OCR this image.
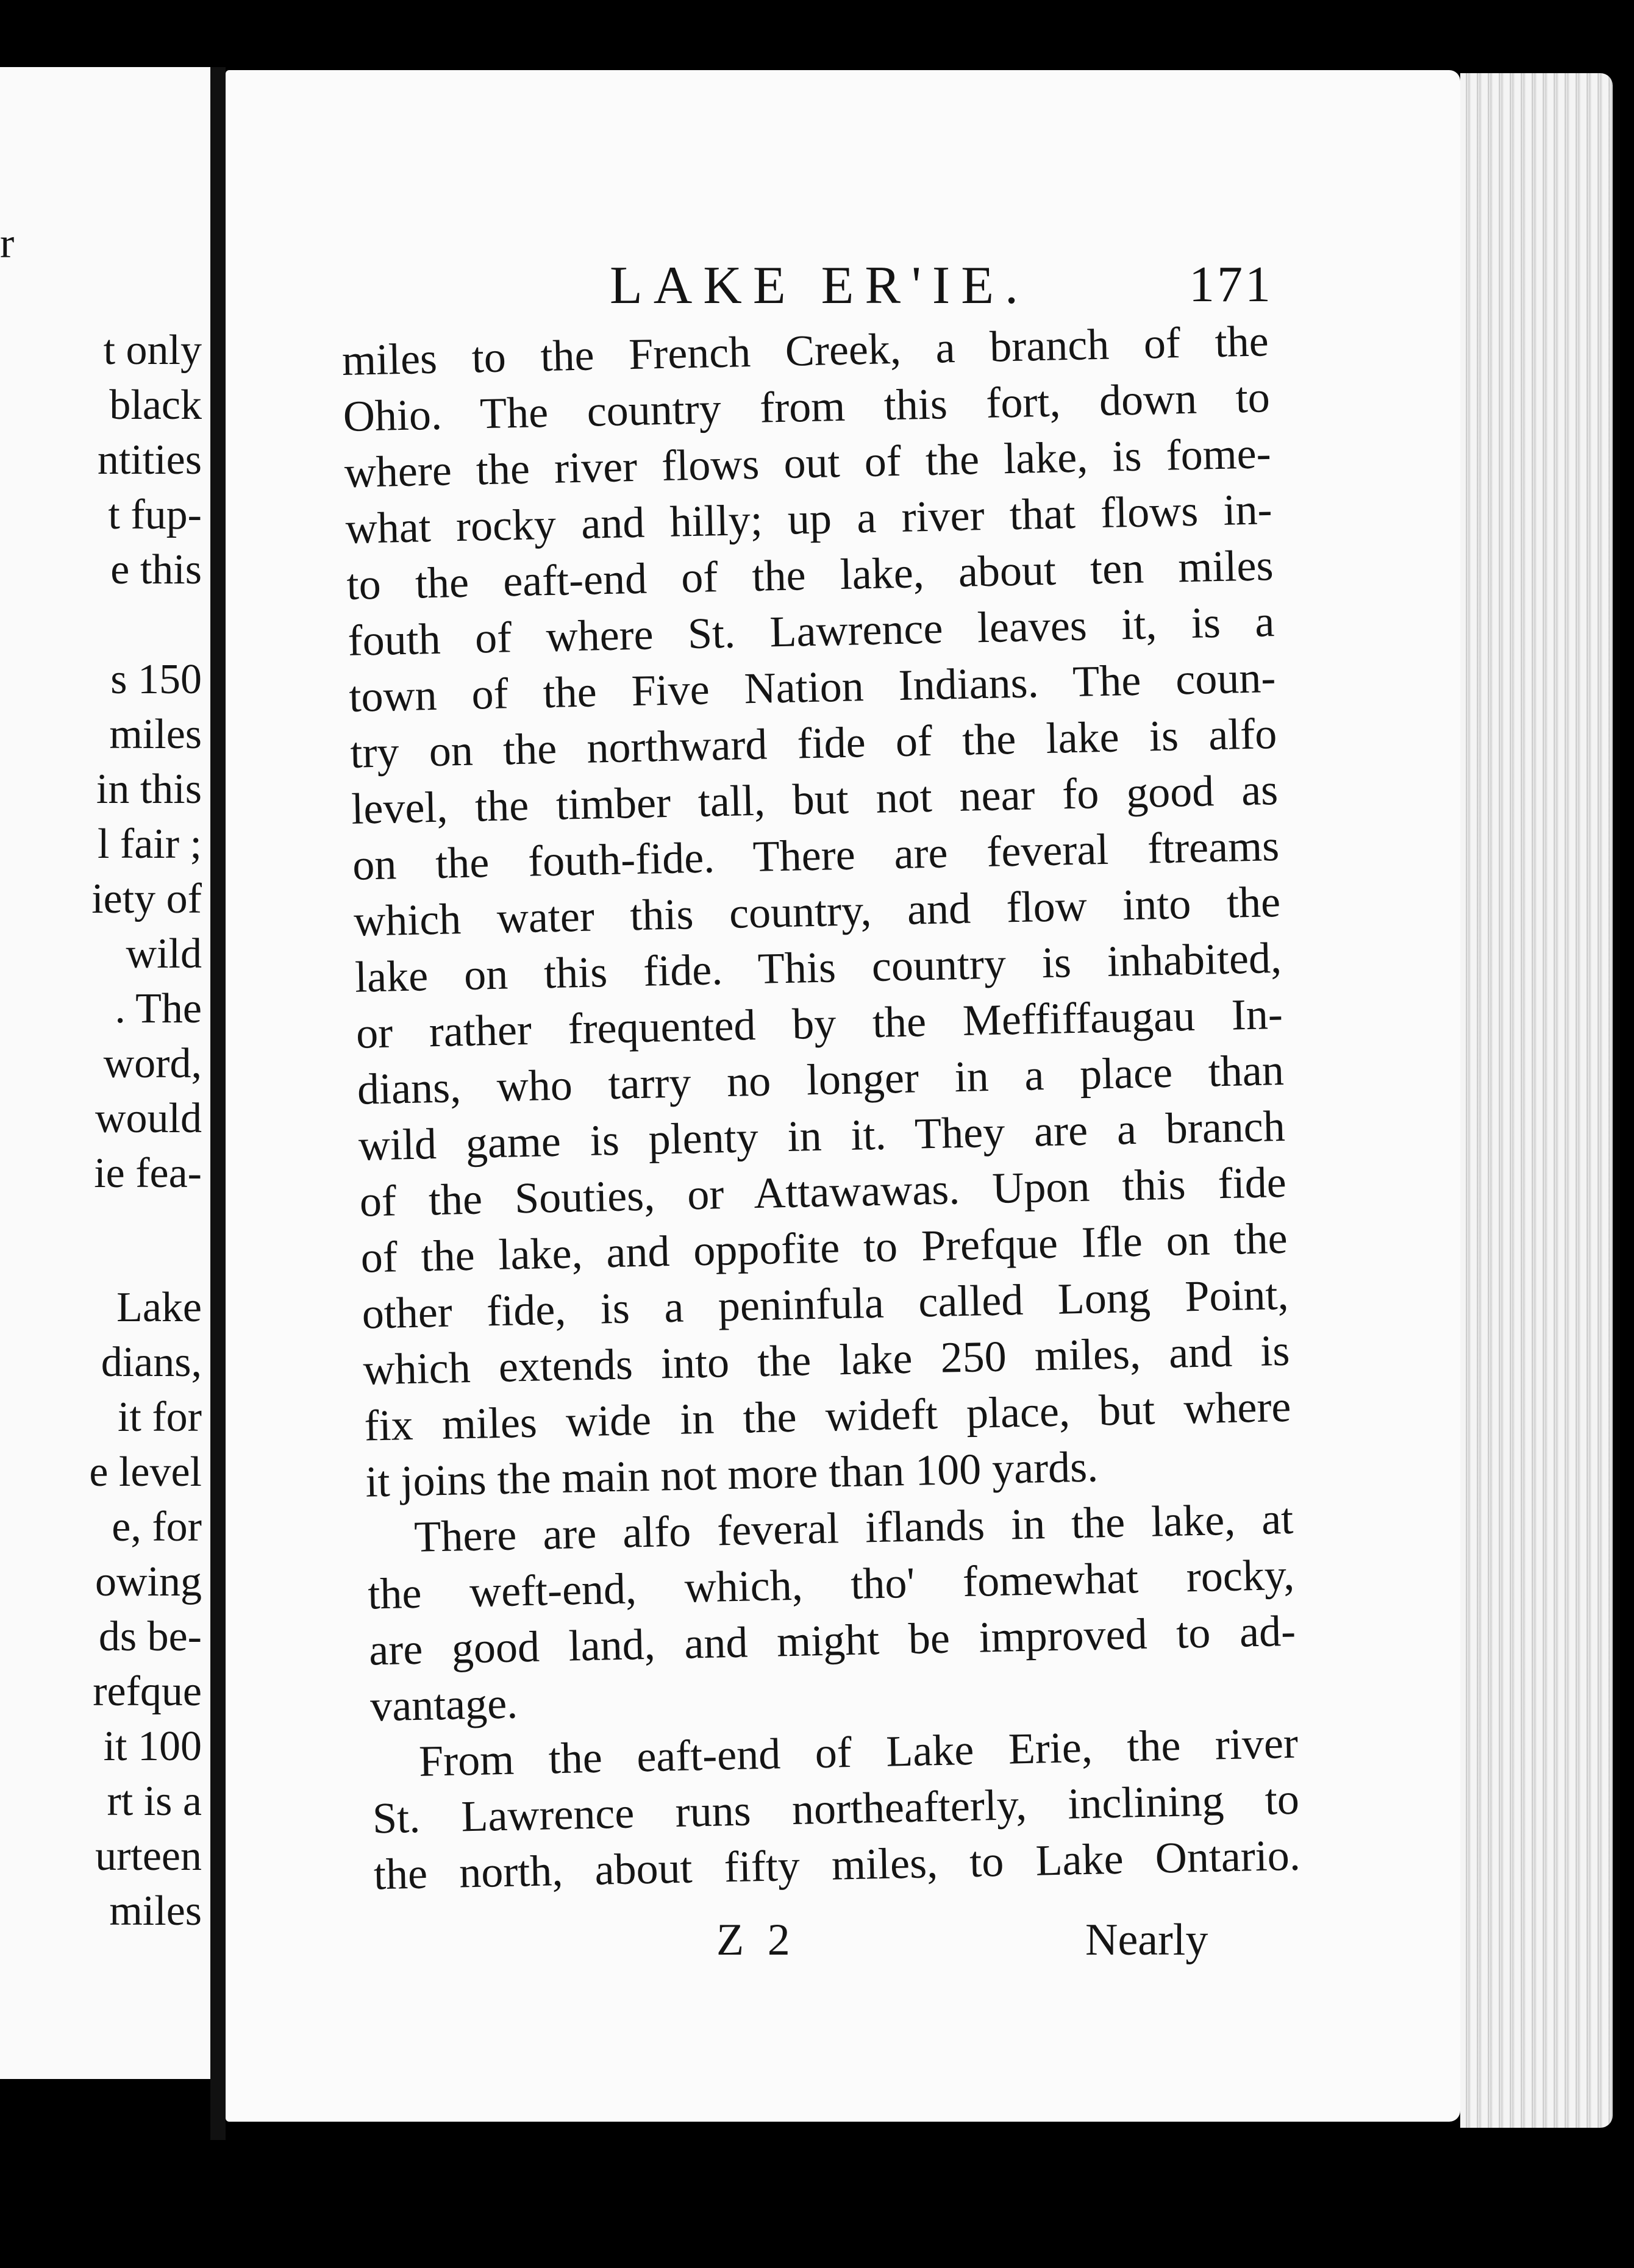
r
t only
black
ntities
t fup-
e this
s 150
miles
in this
l fair ;
iety of
wild
. The
word,
would
ie fea-
Lake
dians,
it for
e level
e, for
owing
ds be-
refque
it 100
rt is a
urteen
miles
LAKE ER'IE.	171
miles to the French Creek, a branch of the
Ohio. The country from this fort, down to
where the river flows out of the lake, is fome-
what rocky and hilly; up a river that flows in-
to the eaft-end of the lake, about ten miles
fouth of where St. Lawrence leaves it, is a
town of the Five Nation Indians. The coun-
try on the northward fide of the lake is alfo
level, the timber tall, but not near fo good as
on the fouth-fide. There are feveral ftreams
which water this country, and flow into the
lake on this fide. This country is inhabited,
or rather frequented by the Meffiffaugau In-
dians, who tarry no longer in a place than
wild game is plenty in it. They are a branch
of the Souties, or Attawawas. Upon this fide
of the lake, and oppofite to Prefque Ifle on the
other fide, is a peninfula called Long Point,
which extends into the lake 250 miles, and is
fix miles wide in the wideft place, but where
it joins the main not more than 100 yards.
There are alfo feveral iflands in the lake, at
the weft-end, which, tho' fomewhat rocky,
are good land, and might be improved to ad-
vantage.
From the eaft-end of Lake Erie, the river
St. Lawrence runs northeafterly, inclining to
the north, about fifty miles, to Lake Ontario.
Z 2	Nearly
